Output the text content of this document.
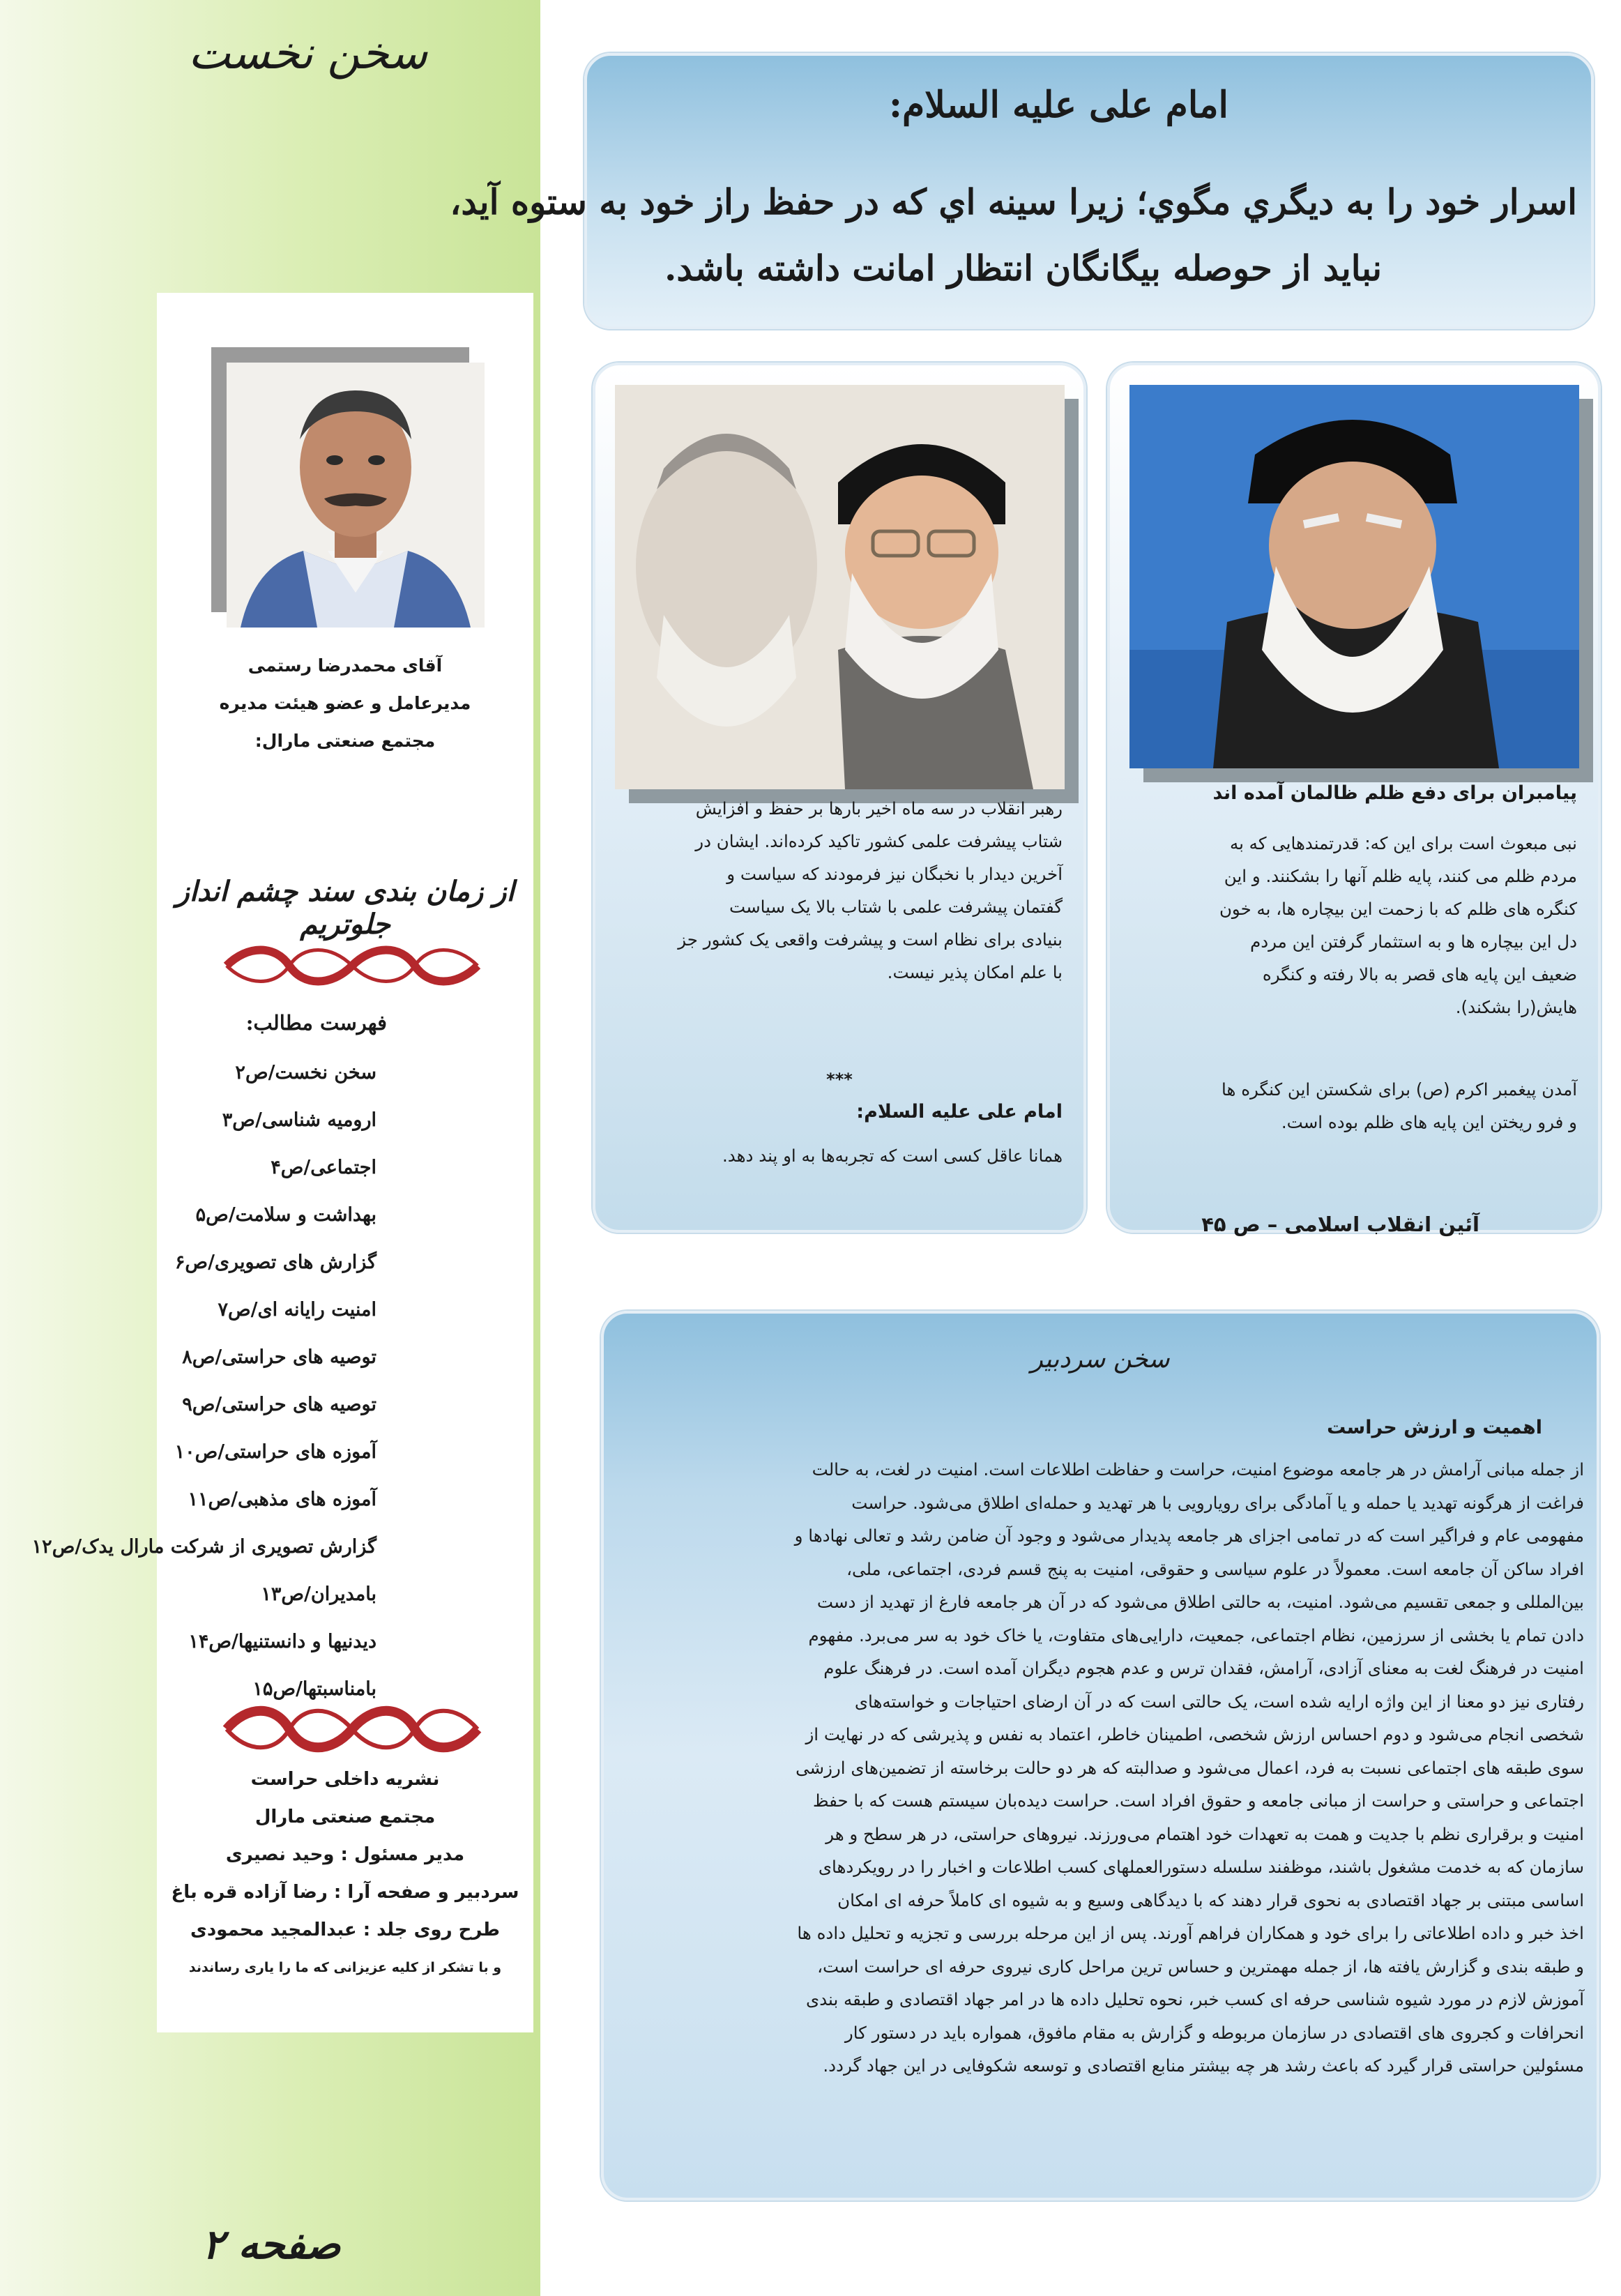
سخن نخست
آقای محمدرضا رستمی
مدیرعامل و عضو هیئت مدیره
مجتمع صنعتی مارال:
از زمان بندی سند چشم انداز جلوتریم
فهرست مطالب:
سخن نخست/ص۲
ارومیه شناسی/ص۳
اجتماعی/ص۴
بهداشت و سلامت/ص۵
گزارش های تصویری/ص۶
امنیت رایانه ای/ص۷
توصیه های حراستی/ص۸
توصیه های حراستی/ص۹
آموزه های حراستی/ص۱۰
آموزه های مذهبی/ص۱۱
گزارش تصویری از شرکت مارال یدک/ص۱۲
بامدیران/ص۱۳
دیدنیها و دانستنیها/ص۱۴
بامناسبتها/ص۱۵
نشریه داخلی حراست
مجتمع صنعتی مارال
مدیر مسئول : وحید نصیری
سردبیر و صفحه آرا : رضا آزاده قره باغ
طرح روی جلد : عبدالمجید محمودی
و با تشکر از کلیه عزیزانی که ما را یاری رساندند
صفحه ۲
امام علی علیه السلام:
اسرار خود را به دیگري مگوي؛ زیرا سینه اي که در حفظ راز خود به ستوه آید،
نباید از حوصله بیگانگان انتظار امانت داشته باشد.
رهبر انقلاب در سه ماه اخیر بارها بر حفظ و افزایش
شتاب پیشرفت علمی کشور تاکید کرده‌اند. ایشان در
آخرین دیدار با نخبگان نیز فرمودند که سیاست و
گفتمان پیشرفت علمی با شتاب بالا یک سیاست
بنیادی برای نظام است و پیشرفت واقعی یک کشور جز
با علم امکان پذیر نیست.
***
امام علی علیه السلام:
همانا عاقل کسی است که تجربه‌ها به او پند دهد.
پیامبران برای دفع ظلم ظالمان آمده اند
نبی مبعوث است برای این که: قدرتمندهایی که به
مردم ظلم می کنند، پایه ظلم آنها را بشکنند. و این
کنگره های ظلم که با زحمت این بیچاره ها، به خون
دل این بیچاره ها و به استثمار گرفتن این مردم
ضعیف این پایه های قصر به بالا رفته و کنگره
هایش(را بشکند).
آمدن پیغمبر اکرم (ص) برای شکستن این کنگره ها
و فرو ریختن این پایه های ظلم بوده است.
آئین انقلاب اسلامی – ص ۴۵
سخن سردبیر
اهمیت و ارزش حراست
از جمله مبانی آرامش در هر جامعه موضوع امنیت، حراست و حفاظت اطلاعات است. امنیت در لغت، به حالت
فراغت از هرگونه تهدید یا حمله و یا آمادگی برای رویارویی با هر تهدید و حمله‌ای اطلاق می‌شود. حراست
مفهومی عام و فراگیر است که در تمامی اجزای هر جامعه پدیدار می‌شود و وجود آن ضامن رشد و تعالی نهادها و
افراد ساکن آن جامعه است. معمولاً در علوم سیاسی و حقوقی، امنیت به پنج قسم فردی، اجتماعی، ملی،
بین‌المللی و جمعی تقسیم می‌شود. امنیت، به حالتی اطلاق می‌شود که در آن هر جامعه فارغ از تهدید از دست
دادن تمام یا بخشی از سرزمین، نظام اجتماعی، جمعیت، دارایی‌های متفاوت، یا خاک خود به سر می‌برد. مفهوم
امنیت در فرهنگ لغت به معنای آزادی، آرامش، فقدان ترس و عدم هجوم دیگران آمده است. در فرهنگ علوم
رفتاری نیز دو معنا از این واژه ارایه شده است، یک حالتی است که در آن ارضای احتیاجات و خواسته‌های
شخصی انجام می‌شود و دوم احساس ارزش شخصی، اطمینان خاطر، اعتماد به نفس و پذیرشی که در نهایت از
سوی طبقه های اجتماعی نسبت به فرد، اعمال می‌شود و صدالبته که هر دو حالت برخاسته از تضمین‌های ارزشی
اجتماعی و حراستی و حراست از مبانی جامعه و حقوق افراد است. حراست دیده‌بان سیستم هست که با حفظ
امنیت و برقراری نظم با جدیت و همت به تعهدات خود اهتمام می‌ورزند. نیروهای حراستی، در هر سطح و هر
سازمان که به خدمت مشغول باشند، موظفند سلسله دستورالعملهای کسب اطلاعات و اخبار را در رویکردهای
اساسی مبتنی بر جهاد اقتصادی به نحوی قرار دهند که با دیدگاهی وسیع و به شیوه ای کاملاً حرفه ای امکان
اخذ خبر و داده اطلاعاتی را برای خود و همکاران فراهم آورند. پس از این مرحله بررسی و تجزیه و تحلیل داده ها
و طبقه بندی و گزارش یافته ها، از جمله مهمترین و حساس ترین مراحل کاری نیروی حرفه ای حراست است،
آموزش لازم در مورد شیوه شناسی حرفه ای کسب خبر، نحوه تحلیل داده ها در امر جهاد اقتصادی و طبقه بندی
انحرافات و کجروی های اقتصادی در سازمان مربوطه و گزارش به مقام مافوق، همواره باید در دستور کار
مسئولین حراستی قرار گیرد که باعث رشد هر چه بیشتر منابع اقتصادی و توسعه شکوفایی در این جهاد گردد.
